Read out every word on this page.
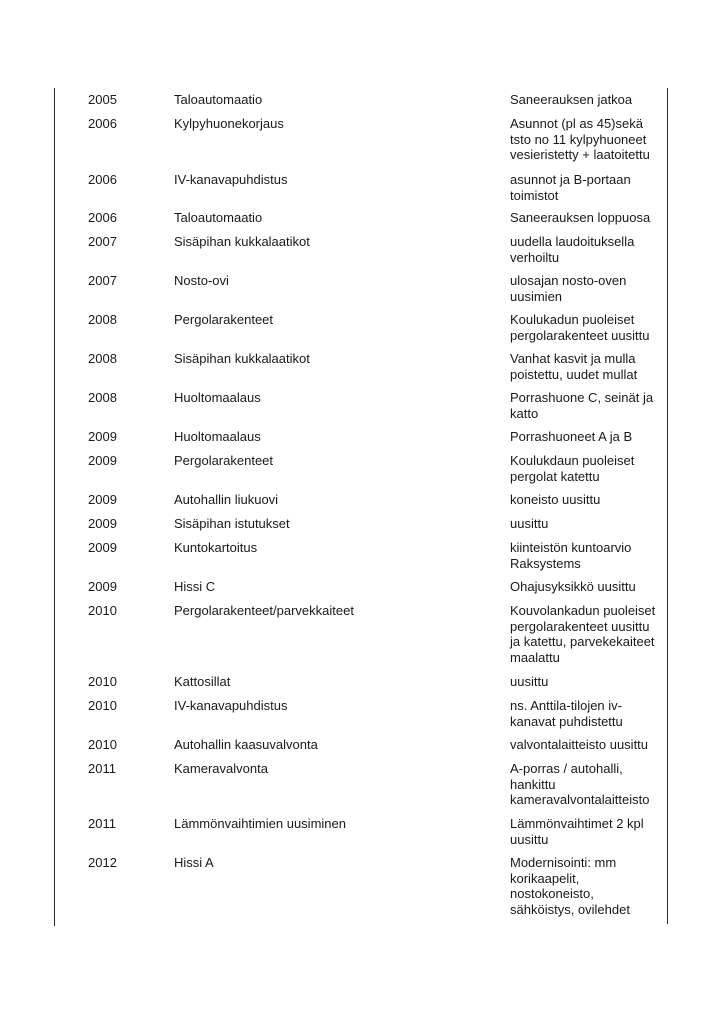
2005	Taloautomaatio	Saneerauksen jatkoa
2006	Kylpyhuonekorjaus	Asunnot (pl as 45)sekä
tsto no 11 kylpyhuoneet
vesieristetty + laatoitettu
2006	IV-kanavapuhdistus	asunnot ja B-portaan
toimistot
2006	Taloautomaatio	Saneerauksen loppuosa
2007	Sisäpihan kukkalaatikot	uudella laudoituksella
verhoiltu
2007	Nosto-ovi	ulosajan nosto-oven
uusimien
2008	Pergolarakenteet	Koulukadun puoleiset
pergolarakenteet uusittu
2008	Sisäpihan kukkalaatikot	Vanhat kasvit ja mulla
poistettu, uudet mullat
2008	Huoltomaalaus	Porrashuone C, seinät ja
katto
2009	Huoltomaalaus	Porrashuoneet A ja B
2009	Pergolarakenteet	Koulukdaun puoleiset
pergolat katettu
2009	Autohallin liukuovi	koneisto uusittu
2009	Sisäpihan istutukset	uusittu
2009	Kuntokartoitus	kiinteistön kuntoarvio
Raksystems
2009	Hissi C	Ohajusyksikkö uusittu
2010	Pergolarakenteet/parvekkaiteet	Kouvolankadun puoleiset
pergolarakenteet uusittu
ja katettu, parvekekaiteet
maalattu
2010	Kattosillat	uusittu
2010	IV-kanavapuhdistus	ns. Anttila-tilojen iv-
kanavat puhdistettu
2010	Autohallin kaasuvalvonta	valvontalaitteisto uusittu
2011	Kameravalvonta	A-porras / autohalli,
hankittu
kameravalvontalaitteisto
2011	Lämmönvaihtimien uusiminen	Lämmönvaihtimet 2 kpl
uusittu
2012	Hissi A	Modernisointi: mm
korikaapelit,
nostokoneisto,
sähköistys, ovilehdet
